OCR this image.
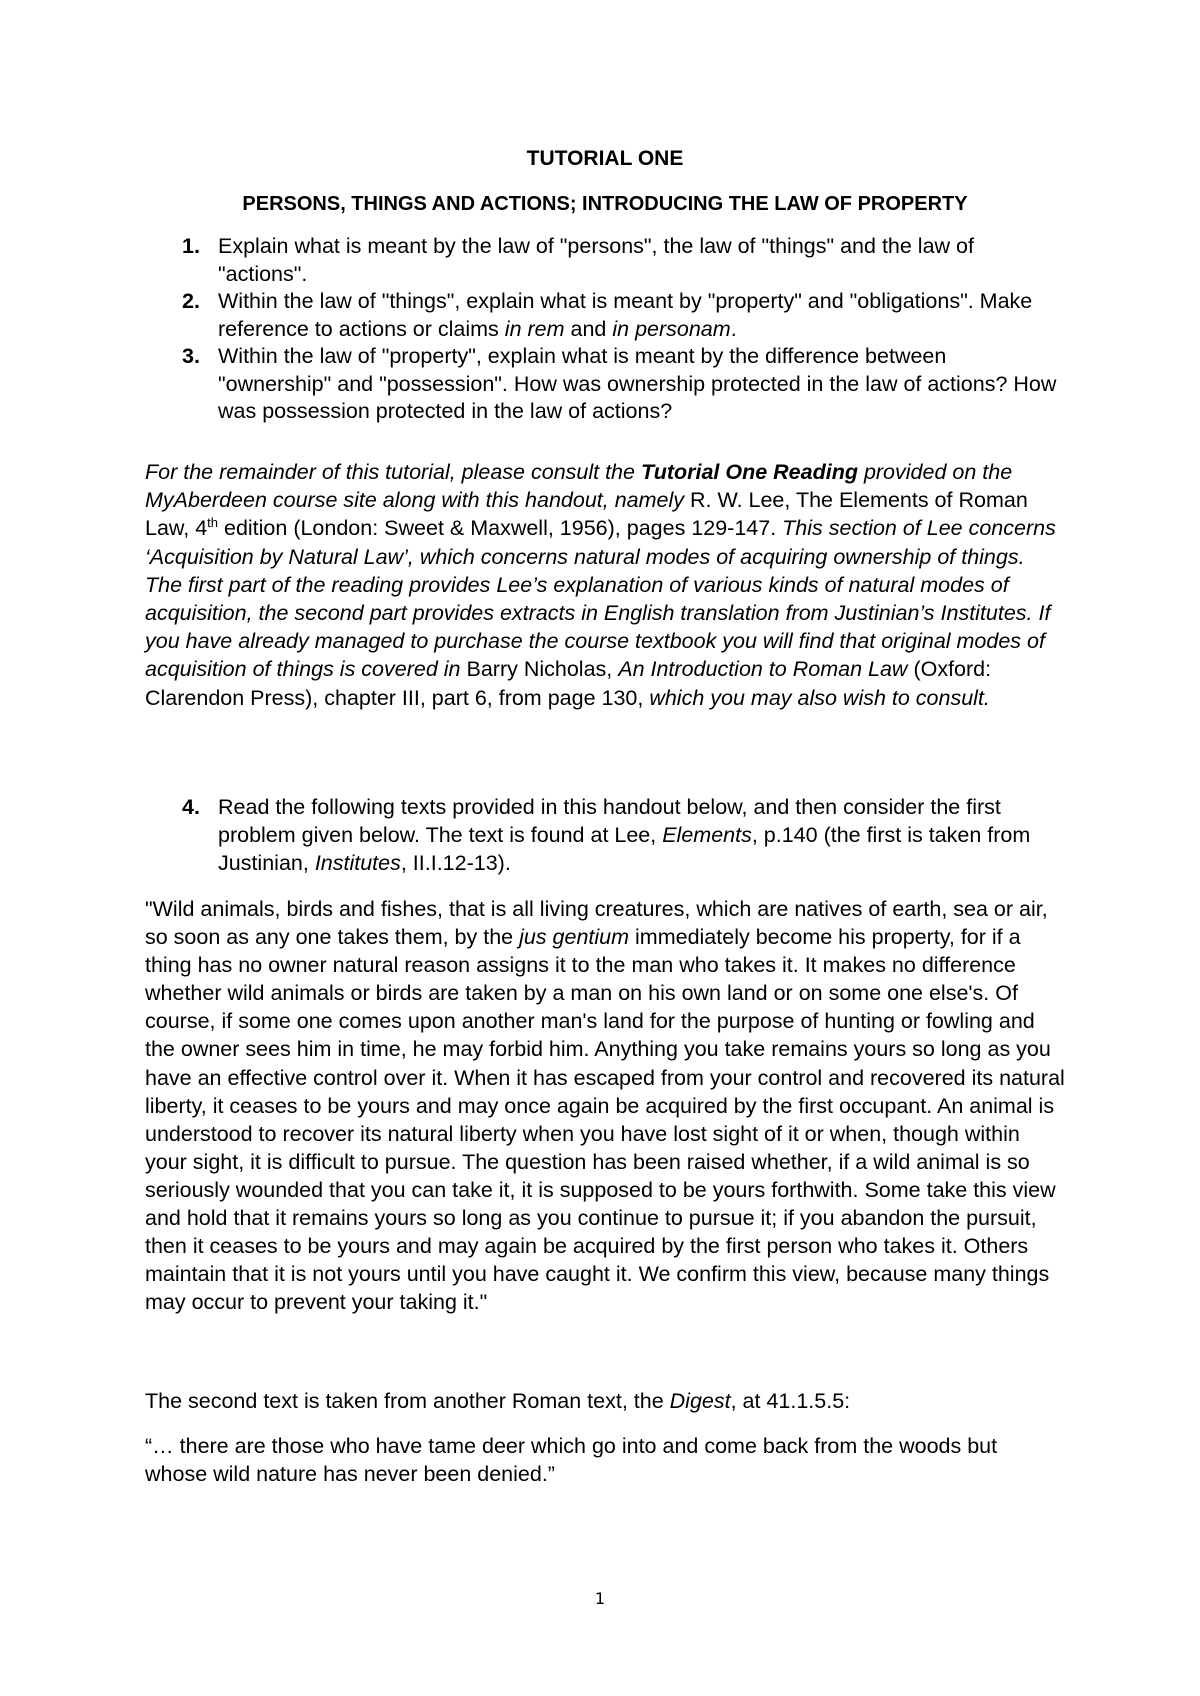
TUTORIAL ONE
PERSONS, THINGS AND ACTIONS; INTRODUCING THE LAW OF PROPERTY
1. Explain what is meant by the law of "persons", the law of "things" and the law of "actions".
2. Within the law of "things", explain what is meant by "property" and "obligations". Make reference to actions or claims in rem and in personam.
3. Within the law of "property", explain what is meant by the difference between "ownership" and "possession". How was ownership protected in the law of actions? How was possession protected in the law of actions?

For the remainder of this tutorial, please consult the Tutorial One Reading provided on the MyAberdeen course site along with this handout, namely R. W. Lee, The Elements of Roman Law, 4th edition (London: Sweet & Maxwell, 1956), pages 129-147. This section of Lee concerns ‘Acquisition by Natural Law’, which concerns natural modes of acquiring ownership of things. The first part of the reading provides Lee’s explanation of various kinds of natural modes of acquisition, the second part provides extracts in English translation from Justinian’s Institutes. If you have already managed to purchase the course textbook you will find that original modes of acquisition of things is covered in Barry Nicholas, An Introduction to Roman Law (Oxford: Clarendon Press), chapter III, part 6, from page 130, which you may also wish to consult.

4. Read the following texts provided in this handout below, and then consider the first problem given below. The text is found at Lee, Elements, p.140 (the first is taken from Justinian, Institutes, II.I.12-13).

"Wild animals, birds and fishes, that is all living creatures, which are natives of earth, sea or air, so soon as any one takes them, by the jus gentium immediately become his property, for if a thing has no owner natural reason assigns it to the man who takes it. It makes no difference whether wild animals or birds are taken by a man on his own land or on some one else's. Of course, if some one comes upon another man's land for the purpose of hunting or fowling and the owner sees him in time, he may forbid him. Anything you take remains yours so long as you have an effective control over it. When it has escaped from your control and recovered its natural liberty, it ceases to be yours and may once again be acquired by the first occupant. An animal is understood to recover its natural liberty when you have lost sight of it or when, though within your sight, it is difficult to pursue. The question has been raised whether, if a wild animal is so seriously wounded that you can take it, it is supposed to be yours forthwith. Some take this view and hold that it remains yours so long as you continue to pursue it; if you abandon the pursuit, then it ceases to be yours and may again be acquired by the first person who takes it. Others maintain that it is not yours until you have caught it. We confirm this view, because many things may occur to prevent your taking it."

The second text is taken from another Roman text, the Digest, at 41.1.5.5:

“… there are those who have tame deer which go into and come back from the woods but whose wild nature has never been denied.”

1
